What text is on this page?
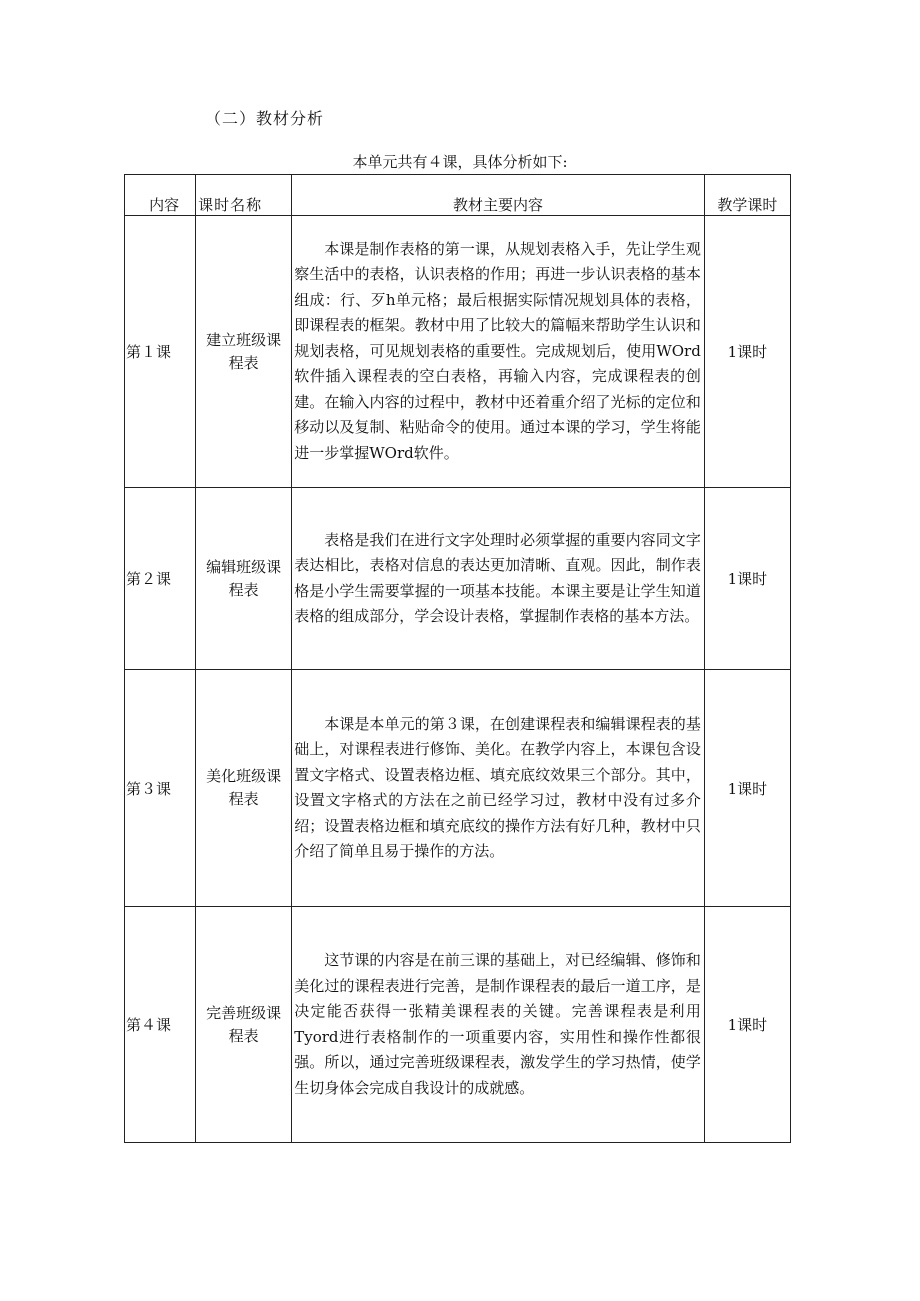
（二）教材分析
本单元共有４课，具体分析如下:
内容	课时名称	教材主要内容	教学课时
第１课	建立班级课程表	本课是制作表格的第一课，从规划表格入手，先让学生观察生活中的表格，认识表格的作用；再进一步认识表格的基本组成：行、歹h单元格；最后根据实际情况规划具体的表格，即课程表的框架。教材中用了比较大的篇幅来帮助学生认识和规划表格，可见规划表格的重要性。完成规划后，使用WOrd软件插入课程表的空白表格，再输入内容，完成课程表的创建。在输入内容的过程中，教材中还着重介绍了光标的定位和移动以及复制、粘贴命令的使用。通过本课的学习，学生将能进一步掌握WOrd软件。	1课时
第２课	编辑班级课程表	表格是我们在进行文字处理时必须掌握的重要内容同文字表达相比，表格对信息的表达更加清晰、直观。因此，制作表格是小学生需要掌握的一项基本技能。本课主要是让学生知道表格的组成部分，学会设计表格，掌握制作表格的基本方法。	1课时
第３课	美化班级课程表	本课是本单元的第３课，在创建课程表和编辑课程表的基础上，对课程表进行修饰、美化。在教学内容上，本课包含设置文字格式、设置表格边框、填充底纹效果三个部分。其中，设置文字格式的方法在之前已经学习过，教材中没有过多介绍；设置表格边框和填充底纹的操作方法有好几种，教材中只介绍了简单且易于操作的方法。	1课时
第４课	完善班级课程表	这节课的内容是在前三课的基础上，对已经编辑、修饰和美化过的课程表进行完善，是制作课程表的最后一道工序，是决定能否获得一张精美课程表的关键。完善课程表是利用Tyord进行表格制作的一项重要内容，实用性和操作性都很强。所以，通过完善班级课程表，激发学生的学习热情，使学生切身体会完成自我设计的成就感。	1课时
